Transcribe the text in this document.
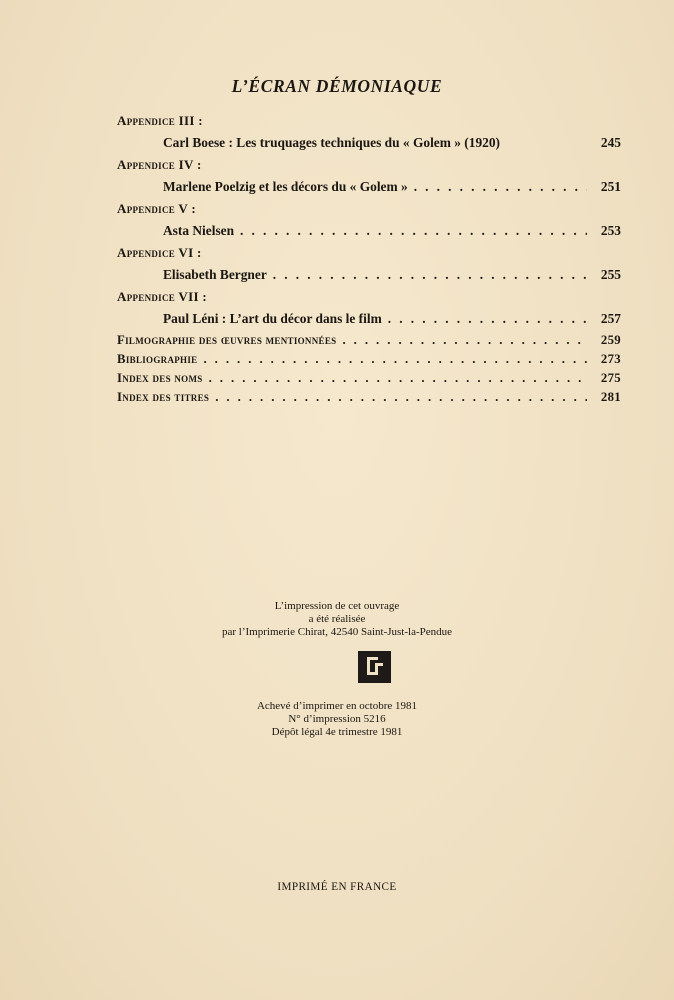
L’ÉCRAN DÉMONIAQUE
Appendice III :
Carl Boese : Les truquages techniques du « Golem » (1920)	245
Appendice IV :
Marlene Poelzig et les décors du « Golem » . . .	251
Appendice V :
Asta Nielsen . . .	253
Appendice VI :
Elisabeth Bergner . . .	255
Appendice VII :
Paul Léni : L’art du décor dans le film . . .	257
Filmographie des œuvres mentionnées . . .	259
Bibliographie . . .	273
Index des noms . . .	275
Index des titres . . .	281
L’impression de cet ouvrage
a été réalisée
par l’Imprimerie Chirat, 42540 Saint-Just-la-Pendue
Achevé d’imprimer en octobre 1981
N° d’impression 5216
Dépôt légal 4e trimestre 1981
IMPRIMÉ EN FRANCE
